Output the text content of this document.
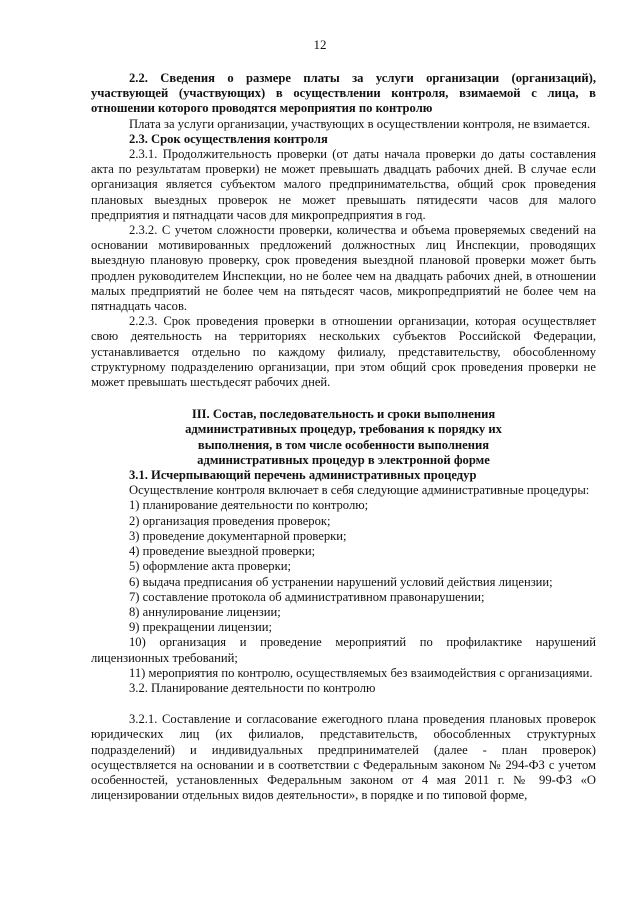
12

2.2. Сведения о размере платы за услуги организации (организаций), участвующей (участвующих) в осуществлении контроля, взимаемой с лица, в отношении которого проводятся мероприятия по контролю

Плата за услуги организации, участвующих в осуществлении контроля, не взимается.

2.3. Срок осуществления контроля

2.3.1. Продолжительность проверки (от даты начала проверки до даты составления акта по результатам проверки) не может превышать двадцать рабочих дней. В случае если организация является субъектом малого предпринимательства, общий срок проведения плановых выездных проверок не может превышать пятидесяти часов для малого предприятия и пятнадцати часов для микропредприятия в год.

2.3.2. С учетом сложности проверки, количества и объема проверяемых сведений на основании мотивированных предложений должностных лиц Инспекции, проводящих выездную плановую проверку, срок проведения выездной плановой проверки может быть продлен руководителем Инспекции, но не более чем на двадцать рабочих дней, в отношении малых предприятий не более чем на пятьдесят часов, микропредприятий не более чем на пятнадцать часов.

2.2.3. Срок проведения проверки в отношении организации, которая осуществляет свою деятельность на территориях нескольких субъектов Российской Федерации, устанавливается отдельно по каждому филиалу, представительству, обособленному структурному подразделению организации, при этом общий срок проведения проверки не может превышать шестьдесят рабочих дней.

III. Состав, последовательность и сроки выполнения

административных процедур, требования к порядку их

выполнения, в том числе особенности выполнения

административных процедур в электронной форме

3.1. Исчерпывающий перечень административных процедур

Осуществление контроля включает в себя следующие административные процедуры:

1) планирование деятельности по контролю;

2) организация проведения проверок;

3) проведение документарной проверки;

4) проведение выездной проверки;

5) оформление акта проверки;

6) выдача предписания об устранении нарушений условий действия лицензии;

7) составление протокола об административном правонарушении;

8) аннулирование лицензии;

9) прекращении лицензии;

10) организация и проведение мероприятий по профилактике нарушений лицензионных требований;

11) мероприятия по контролю, осуществляемых без взаимодействия с организациями.

3.2. Планирование деятельности по контролю

3.2.1. Составление и согласование ежегодного плана проведения плановых проверок юридических лиц (их филиалов, представительств, обособленных структурных подразделений) и индивидуальных предпринимателей (далее - план проверок) осуществляется на основании и в соответствии с Федеральным законом № 294-ФЗ с учетом особенностей, установленных Федеральным законом от 4 мая 2011 г. № 99-ФЗ «О лицензировании отдельных видов деятельности», в порядке и по типовой форме,
